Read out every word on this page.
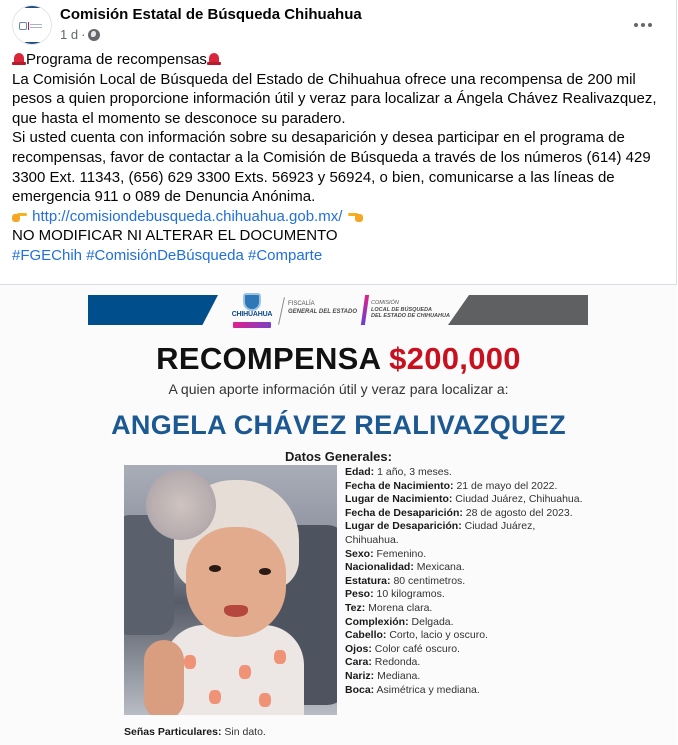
Comisión Estatal de Búsqueda Chihuahua
1 d ·

Programa de recompensas

La Comisión Local de Búsqueda del Estado de Chihuahua ofrece una recompensa de 200 mil pesos a quien proporcione información útil y veraz para localizar a Ángela Chávez Realivazquez, que hasta el momento se desconoce su paradero.

Si usted cuenta con información sobre su desaparición y desea participar en el programa de recompensas, favor de contactar a la Comisión de Búsqueda a través de los números (614) 429 3300 Ext. 11343, (656) 629 3300 Exts. 56923 y 56924, o bien, comunicarse a las líneas de emergencia 911 o 089 de Denuncia Anónima.

http://comisiondebusqueda.chihuahua.gob.mx/

NO MODIFICAR NI ALTERAR EL DOCUMENTO

#FGEChih #ComisiónDeBúsqueda #Comparte

CHIHUAHUA
FISCALÍA
GENERAL DEL ESTADO
COMISIÓN
LOCAL DE BÚSQUEDA
DEL ESTADO DE CHIHUAHUA
RECOMPENSA $200,000
A quien aporte información útil y veraz para localizar a:
ANGELA CHÁVEZ REALIVAZQUEZ
Datos Generales:
Edad: 1 año, 3 meses.
Fecha de Nacimiento: 21 de mayo del 2022.
Lugar de Nacimiento: Ciudad Juárez, Chihuahua.
Fecha de Desaparición: 28 de agosto del 2023.
Lugar de Desaparición: Ciudad Juárez, Chihuahua.
Sexo: Femenino.
Nacionalidad: Mexicana.
Estatura: 80 centimetros.
Peso: 10 kilogramos.
Tez: Morena clara.
Complexión: Delgada.
Cabello: Corto, lacio y oscuro.
Ojos: Color café oscuro.
Cara: Redonda.
Nariz: Mediana.
Boca: Asimétrica y mediana.
Señas Particulares: Sin dato.
